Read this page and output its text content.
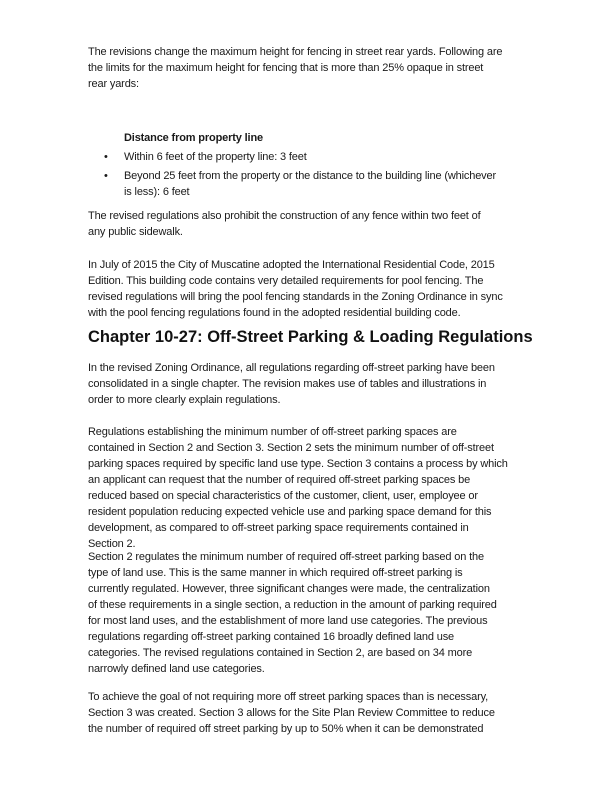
The revisions change the maximum height for fencing in street rear yards. Following are
the limits for the maximum height for fencing that is more than 25% opaque in street
rear yards:
Distance from property line
• Within 6 feet of the property line: 3 feet
• Beyond 25 feet from the property or the distance to the building line (whichever
is less): 6 feet
The revised regulations also prohibit the construction of any fence within two feet of
any public sidewalk.
In July of 2015 the City of Muscatine adopted the International Residential Code, 2015
Edition. This building code contains very detailed requirements for pool fencing. The
revised regulations will bring the pool fencing standards in the Zoning Ordinance in sync
with the pool fencing regulations found in the adopted residential building code.
Chapter 10-27: Off-Street Parking & Loading Regulations
In the revised Zoning Ordinance, all regulations regarding off-street parking have been
consolidated in a single chapter. The revision makes use of tables and illustrations in
order to more clearly explain regulations.
Regulations establishing the minimum number of off-street parking spaces are
contained in Section 2 and Section 3. Section 2 sets the minimum number of off-street
parking spaces required by specific land use type. Section 3 contains a process by which
an applicant can request that the number of required off-street parking spaces be
reduced based on special characteristics of the customer, client, user, employee or
resident population reducing expected vehicle use and parking space demand for this
development, as compared to off-street parking space requirements contained in
Section 2.
Section 2 regulates the minimum number of required off-street parking based on the
type of land use. This is the same manner in which required off-street parking is
currently regulated. However, three significant changes were made, the centralization
of these requirements in a single section, a reduction in the amount of parking required
for most land uses, and the establishment of more land use categories. The previous
regulations regarding off-street parking contained 16 broadly defined land use
categories. The revised regulations contained in Section 2, are based on 34 more
narrowly defined land use categories.
To achieve the goal of not requiring more off street parking spaces than is necessary,
Section 3 was created. Section 3 allows for the Site Plan Review Committee to reduce
the number of required off street parking by up to 50% when it can be demonstrated
